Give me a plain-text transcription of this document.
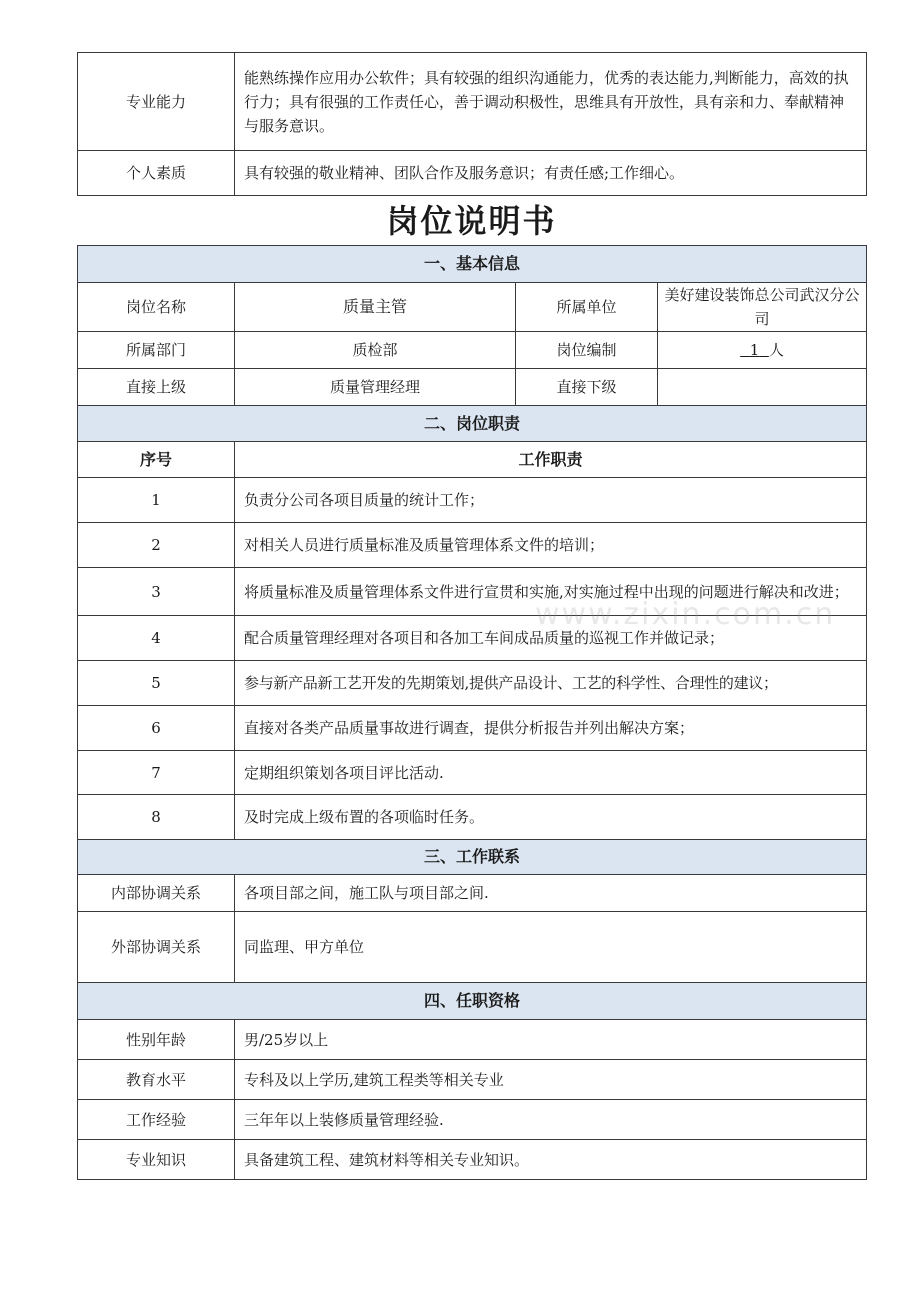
专业能力	能熟练操作应用办公软件；具有较强的组织沟通能力，优秀的表达能力,判断能力，高效的执行力；具有很强的工作责任心，善于调动积极性，思维具有开放性，具有亲和力、奉献精神与服务意识。
个人素质	具有较强的敬业精神、团队合作及服务意识；有责任感;工作细心。
岗位说明书
一、基本信息			
岗位名称	质量主管	所属单位	美好建设装饰总公司武汉分公司
所属部门	质检部	岗位编制	1 人
直接上级	质量管理经理	直接下级	
二、岗位职责			
序号	工作职责		
1	负责分公司各项目质量的统计工作；		
2	对相关人员进行质量标准及质量管理体系文件的培训；		
3	将质量标准及质量管理体系文件进行宣贯和实施,对实施过程中出现的问题进行解决和改进；		
4	配合质量管理经理对各项目和各加工车间成品质量的巡视工作并做记录；		
5	参与新产品新工艺开发的先期策划,提供产品设计、工艺的科学性、合理性的建议；		
6	直接对各类产品质量事故进行调查，提供分析报告并列出解决方案；		
7	定期组织策划各项目评比活动.		
8	及时完成上级布置的各项临时任务。		
三、工作联系			
内部协调关系	各项目部之间，施工队与项目部之间.		
外部协调关系	同监理、甲方单位		
四、任职资格			
性别年龄	男/25岁以上		
教育水平	专科及以上学历,建筑工程类等相关专业		
工作经验	三年年以上装修质量管理经验.		
专业知识	具备建筑工程、建筑材料等相关专业知识。		
www.zixin.com.cn
